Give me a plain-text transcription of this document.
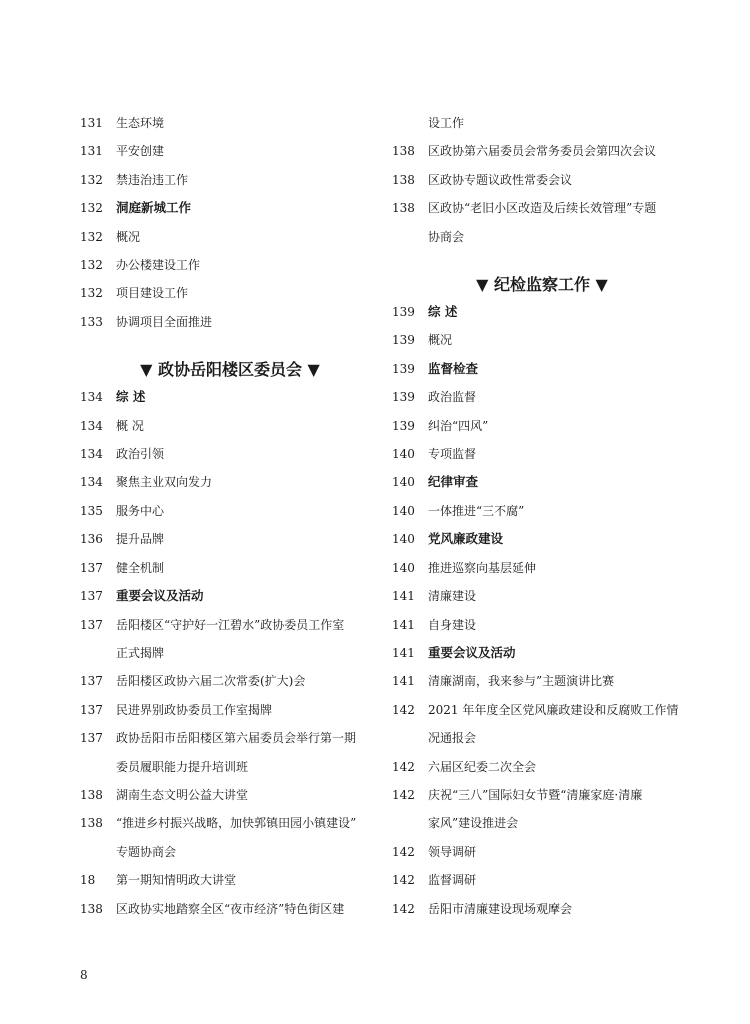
131	生态环境
131	平安创建
132	禁违治违工作
132	洞庭新城工作
132	概况
132	办公楼建设工作
132	项目建设工作
133	协调项目全面推进
▼ 政协岳阳楼区委员会 ▼
134	综 述
134	概 况
134	政治引领
134	聚焦主业双向发力
135	服务中心
136	提升品牌
137	健全机制
137	重要会议及活动
137	岳阳楼区“守护好一江碧水”政协委员工作室
正式揭牌
137	岳阳楼区政协六届二次常委(扩大)会
137	民进界别政协委员工作室揭牌
137	政协岳阳市岳阳楼区第六届委员会举行第一期
委员履职能力提升培训班
138	湖南生态文明公益大讲堂
138	“推进乡村振兴战略，加快郭镇田园小镇建设”
专题协商会
18	第一期知情明政大讲堂
138	区政协实地踏察全区“夜市经济”特色街区建
设工作
138	区政协第六届委员会常务委员会第四次会议
138	区政协专题议政性常委会议
138	区政协“老旧小区改造及后续长效管理”专题
协商会
▼ 纪检监察工作 ▼
139	综 述
139	概况
139	监督检查
139	政治监督
139	纠治“四风”
140	专项监督
140	纪律审查
140	一体推进“三不腐”
140	党风廉政建设
140	推进巡察向基层延伸
141	清廉建设
141	自身建设
141	重要会议及活动
141	清廉湖南，我来参与”主题演讲比赛
142	2021 年年度全区党风廉政建设和反腐败工作情
况通报会
142	六届区纪委二次全会
142	庆祝“三八”国际妇女节暨“清廉家庭·清廉
家风”建设推进会
142	领导调研
142	监督调研
142	岳阳市清廉建设现场观摩会
8
